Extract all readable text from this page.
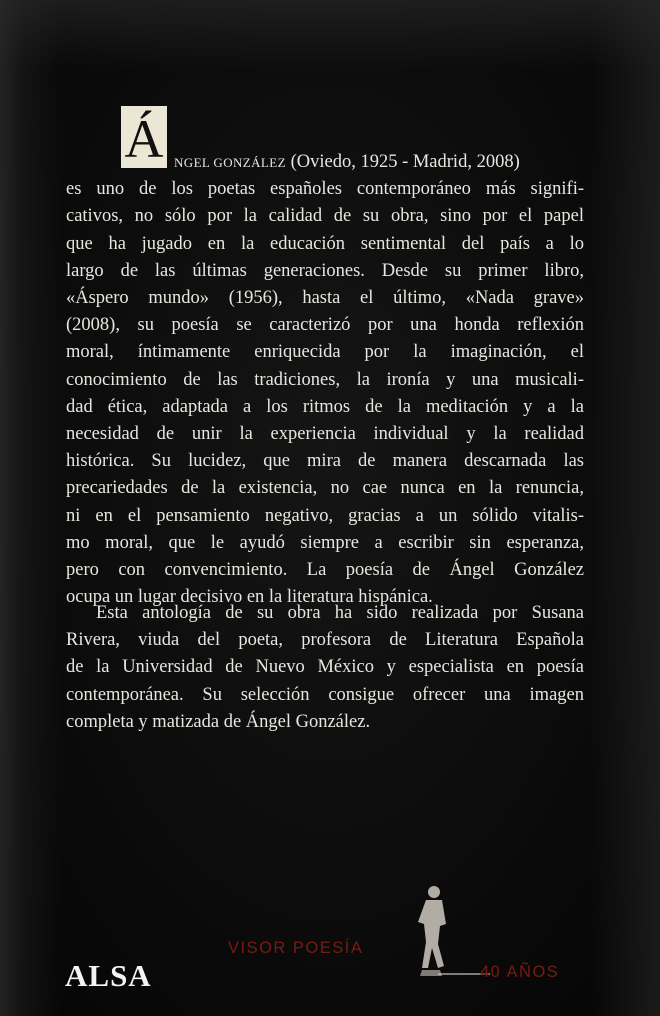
Á NGEL GONZÁLEZ (Oviedo, 1925 - Madrid, 2008)
es uno de los poetas españoles contemporáneo más signifi-
cativos, no sólo por la calidad de su obra, sino por el papel
que ha jugado en la educación sentimental del país a lo
largo de las últimas generaciones. Desde su primer libro,
«Áspero mundo» (1956), hasta el último, «Nada grave»
(2008), su poesía se caracterizó por una honda reflexión
moral, íntimamente enriquecida por la imaginación, el
conocimiento de las tradiciones, la ironía y una musicali-
dad ética, adaptada a los ritmos de la meditación y a la
necesidad de unir la experiencia individual y la realidad
histórica. Su lucidez, que mira de manera descarnada las
precariedades de la existencia, no cae nunca en la renuncia,
ni en el pensamiento negativo, gracias a un sólido vitalis-
mo moral, que le ayudó siempre a escribir sin esperanza,
pero con convencimiento. La poesía de Ángel González
ocupa un lugar decisivo en la literatura hispánica.
Esta antología de su obra ha sido realizada por Susana
Rivera, viuda del poeta, profesora de Literatura Española
de la Universidad de Nuevo México y especialista en poesía
contemporánea. Su selección consigue ofrecer una imagen
completa y matizada de Ángel González.
ALSA
VISOR POESÍA
40 AÑOS
